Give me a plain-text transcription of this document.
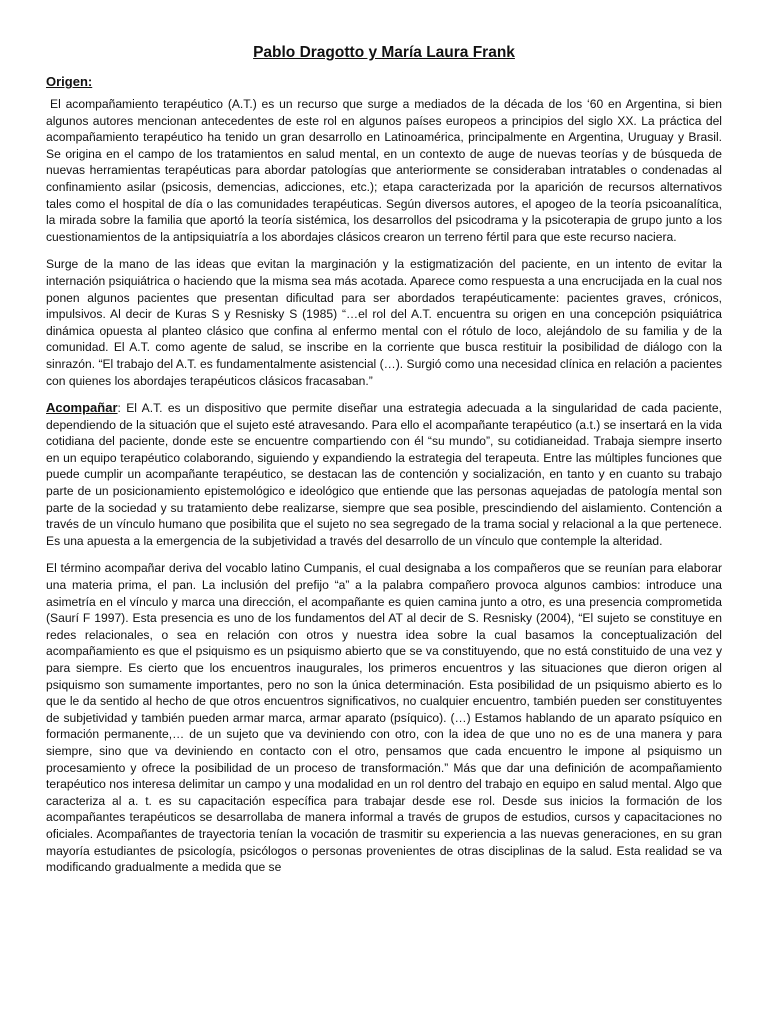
Pablo Dragotto y María Laura Frank
Origen:

El acompañamiento terapéutico (A.T.) es un recurso que surge a mediados de la década de los ‘60 en Argentina, si bien algunos autores mencionan antecedentes de este rol en algunos países europeos a principios del siglo XX. La práctica del acompañamiento terapéutico ha tenido un gran desarrollo en Latinoamérica, principalmente en Argentina, Uruguay y Brasil. Se origina en el campo de los tratamientos en salud mental, en un contexto de auge de nuevas teorías y de búsqueda de nuevas herramientas terapéuticas para abordar patologías que anteriormente se consideraban intratables o condenadas al confinamiento asilar (psicosis, demencias, adicciones, etc.); etapa caracterizada por la aparición de recursos alternativos tales como el hospital de día o las comunidades terapéuticas. Según diversos autores, el apogeo de la teoría psicoanalítica, la mirada sobre la familia que aportó la teoría sistémica, los desarrollos del psicodrama y la psicoterapia de grupo junto a los cuestionamientos de la antipsiquiatría a los abordajes clásicos crearon un terreno fértil para que este recurso naciera.

Surge de la mano de las ideas que evitan la marginación y la estigmatización del paciente, en un intento de evitar la internación psiquiátrica o haciendo que la misma sea más acotada. Aparece como respuesta a una encrucijada en la cual nos ponen algunos pacientes que presentan dificultad para ser abordados terapéuticamente: pacientes graves, crónicos, impulsivos. Al decir de Kuras S y Resnisky S (1985) “…el rol del A.T. encuentra su origen en una concepción psiquiátrica dinámica opuesta al planteo clásico que confina al enfermo mental con el rótulo de loco, alejándolo de su familia y de la comunidad. El A.T. como agente de salud, se inscribe en la corriente que busca restituir la posibilidad de diálogo con la sinrazón. “El trabajo del A.T. es fundamentalmente asistencial (…). Surgió como una necesidad clínica en relación a pacientes con quienes los abordajes terapéuticos clásicos fracasaban.”

Acompañar: El A.T. es un dispositivo que permite diseñar una estrategia adecuada a la singularidad de cada paciente, dependiendo de la situación que el sujeto esté atravesando. Para ello el acompañante terapéutico (a.t.) se insertará en la vida cotidiana del paciente, donde este se encuentre compartiendo con él “su mundo”, su cotidianeidad. Trabaja siempre inserto en un equipo terapéutico colaborando, siguiendo y expandiendo la estrategia del terapeuta. Entre las múltiples funciones que puede cumplir un acompañante terapéutico, se destacan las de contención y socialización, en tanto y en cuanto su trabajo parte de un posicionamiento epistemológico e ideológico que entiende que las personas aquejadas de patología mental son parte de la sociedad y su tratamiento debe realizarse, siempre que sea posible, prescindiendo del aislamiento. Contención a través de un vínculo humano que posibilita que el sujeto no sea segregado de la trama social y relacional a la que pertenece. Es una apuesta a la emergencia de la subjetividad a través del desarrollo de un vínculo que contemple la alteridad.

El término acompañar deriva del vocablo latino Cumpanis, el cual designaba a los compañeros que se reunían para elaborar una materia prima, el pan. La inclusión del prefijo “a” a la palabra compañero provoca algunos cambios: introduce una asimetría en el vínculo y marca una dirección, el acompañante es quien camina junto a otro, es una presencia comprometida (Saurí F 1997). Esta presencia es uno de los fundamentos del AT al decir de S. Resnisky (2004), “El sujeto se constituye en redes relacionales, o sea en relación con otros y nuestra idea sobre la cual basamos la conceptualización del acompañamiento es que el psiquismo es un psiquismo abierto que se va constituyendo, que no está constituido de una vez y para siempre. Es cierto que los encuentros inaugurales, los primeros encuentros y las situaciones que dieron origen al psiquismo son sumamente importantes, pero no son la única determinación. Esta posibilidad de un psiquismo abierto es lo que le da sentido al hecho de que otros encuentros significativos, no cualquier encuentro, también pueden ser constituyentes de subjetividad y también pueden armar marca, armar aparato (psíquico). (…) Estamos hablando de un aparato psíquico en formación permanente,… de un sujeto que va deviniendo con otro, con la idea de que uno no es de una manera y para siempre, sino que va deviniendo en contacto con el otro, pensamos que cada encuentro le impone al psiquismo un procesamiento y ofrece la posibilidad de un proceso de transformación.” Más que dar una definición de acompañamiento terapéutico nos interesa delimitar un campo y una modalidad en un rol dentro del trabajo en equipo en salud mental. Algo que caracteriza al a. t. es su capacitación específica para trabajar desde ese rol. Desde sus inicios la formación de los acompañantes terapéuticos se desarrollaba de manera informal a través de grupos de estudios, cursos y capacitaciones no oficiales. Acompañantes de trayectoria tenían la vocación de trasmitir su experiencia a las nuevas generaciones, en su gran mayoría estudiantes de psicología, psicólogos o personas provenientes de otras disciplinas de la salud. Esta realidad se va modificando gradualmente a medida que se
